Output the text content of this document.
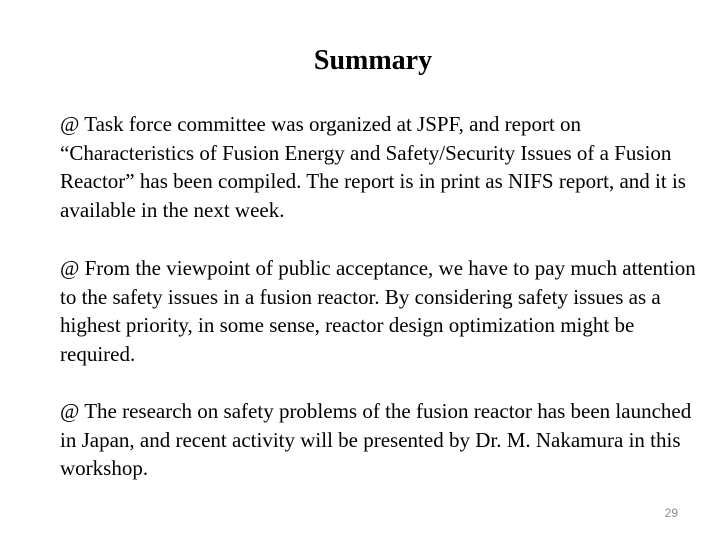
Summary

@ Task force committee was organized at JSPF, and report on “Characteristics of Fusion Energy and Safety/Security Issues of a Fusion Reactor” has been compiled. The report is in print as NIFS report, and it is available in the next week.

@ From the viewpoint of public acceptance, we have to pay much attention to the safety issues in a fusion reactor. By considering safety issues as a highest priority, in some sense, reactor design optimization might be required.

@ The research on safety problems of the fusion reactor has been launched in Japan, and recent activity will be presented by Dr. M. Nakamura in this workshop.

29
